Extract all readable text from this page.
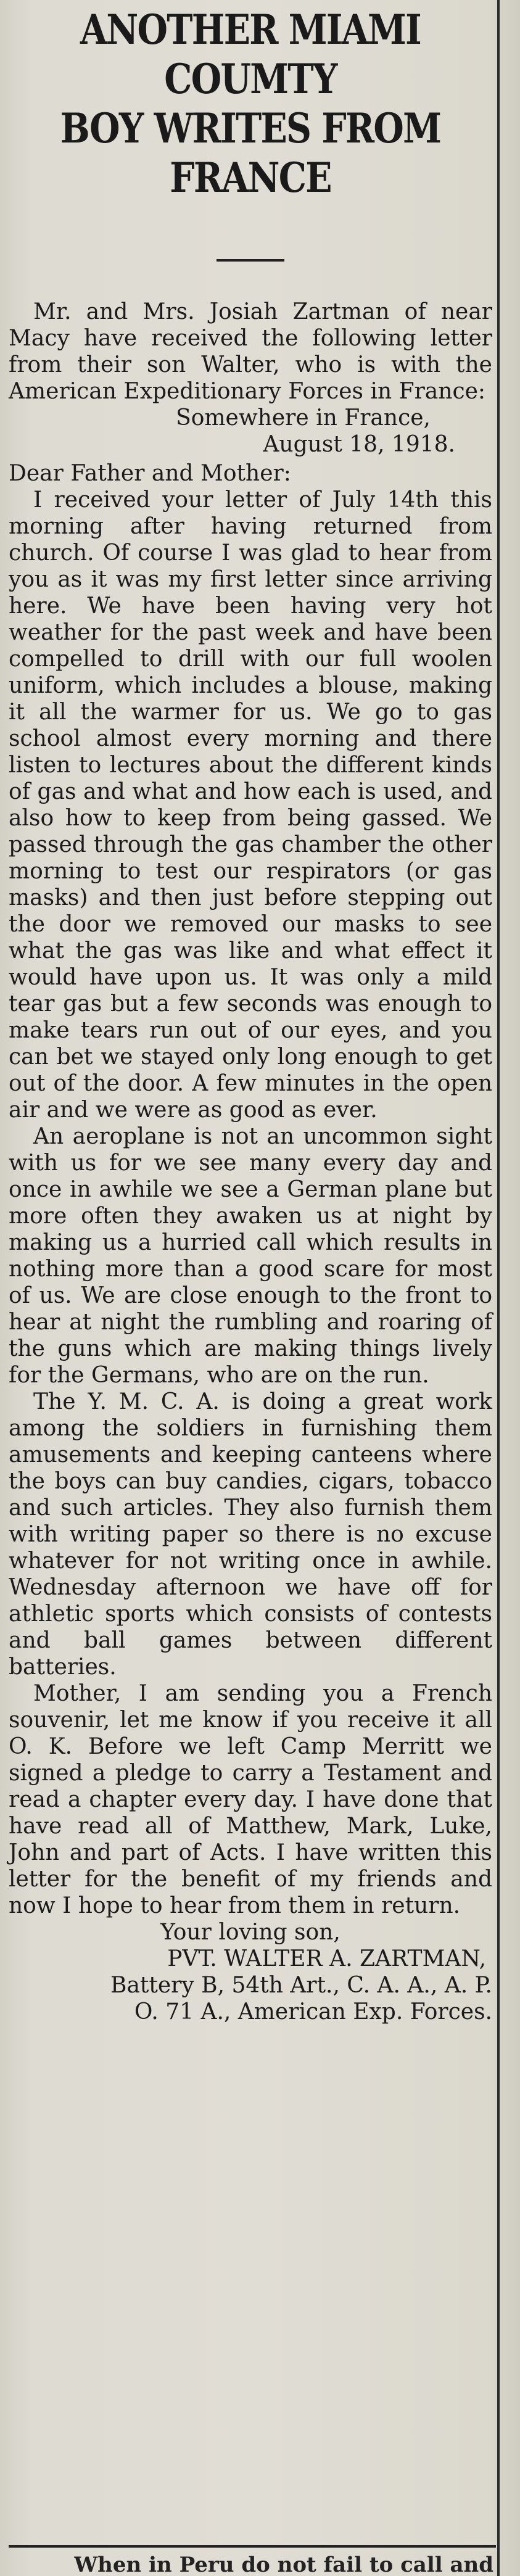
ANOTHER MIAMI COUMTY
BOY WRITES FROM FRANCE

Mr. and Mrs. Josiah Zartman of near Macy have received the following letter from their son Walter, who is with the American Expeditionary Forces in France:

Somewhere in France,
August 18, 1918.
Dear Father and Mother:

I received your letter of July 14th this morning after having returned from church. Of course I was glad to hear from you as it was my first letter since arriving here. We have been having very hot weather for the past week and have been compelled to drill with our full woolen uniform, which includes a blouse, making it all the warmer for us. We go to gas school almost every morning and there listen to lectures about the different kinds of gas and what and how each is used, and also how to keep from being gassed. We passed through the gas chamber the other morning to test our respirators (or gas masks) and then just before stepping out the door we removed our masks to see what the gas was like and what effect it would have upon us. It was only a mild tear gas but a few seconds was enough to make tears run out of our eyes, and you can bet we stayed only long enough to get out of the door. A few minutes in the open air and we were as good as ever.

An aeroplane is not an uncommon sight with us for we see many every day and once in awhile we see a German plane but more often they awaken us at night by making us a hurried call which results in nothing more than a good scare for most of us. We are close enough to the front to hear at night the rumbling and roaring of the guns which are making things lively for the Germans, who are on the run.

The Y. M. C. A. is doing a great work among the soldiers in furnishing them amusements and keeping canteens where the boys can buy candies, cigars, tobacco and such articles. They also furnish them with writing paper so there is no excuse whatever for not writing once in awhile. Wednesday afternoon we have off for athletic sports which consists of contests and ball games between different batteries.

Mother, I am sending you a French souvenir, let me know if you receive it all O. K. Before we left Camp Merritt we signed a pledge to carry a Testament and read a chapter every day. I have done that have read all of Matthew, Mark, Luke, John and part of Acts. I have written this letter for the benefit of my friends and now I hope to hear from them in return.

Your loving son,
PVT. WALTER A. ZARTMAN,
Battery B, 54th Art., C. A. A., A. P.
O. 71 A., American Exp. Forces.
When in Peru do not fail to call and
